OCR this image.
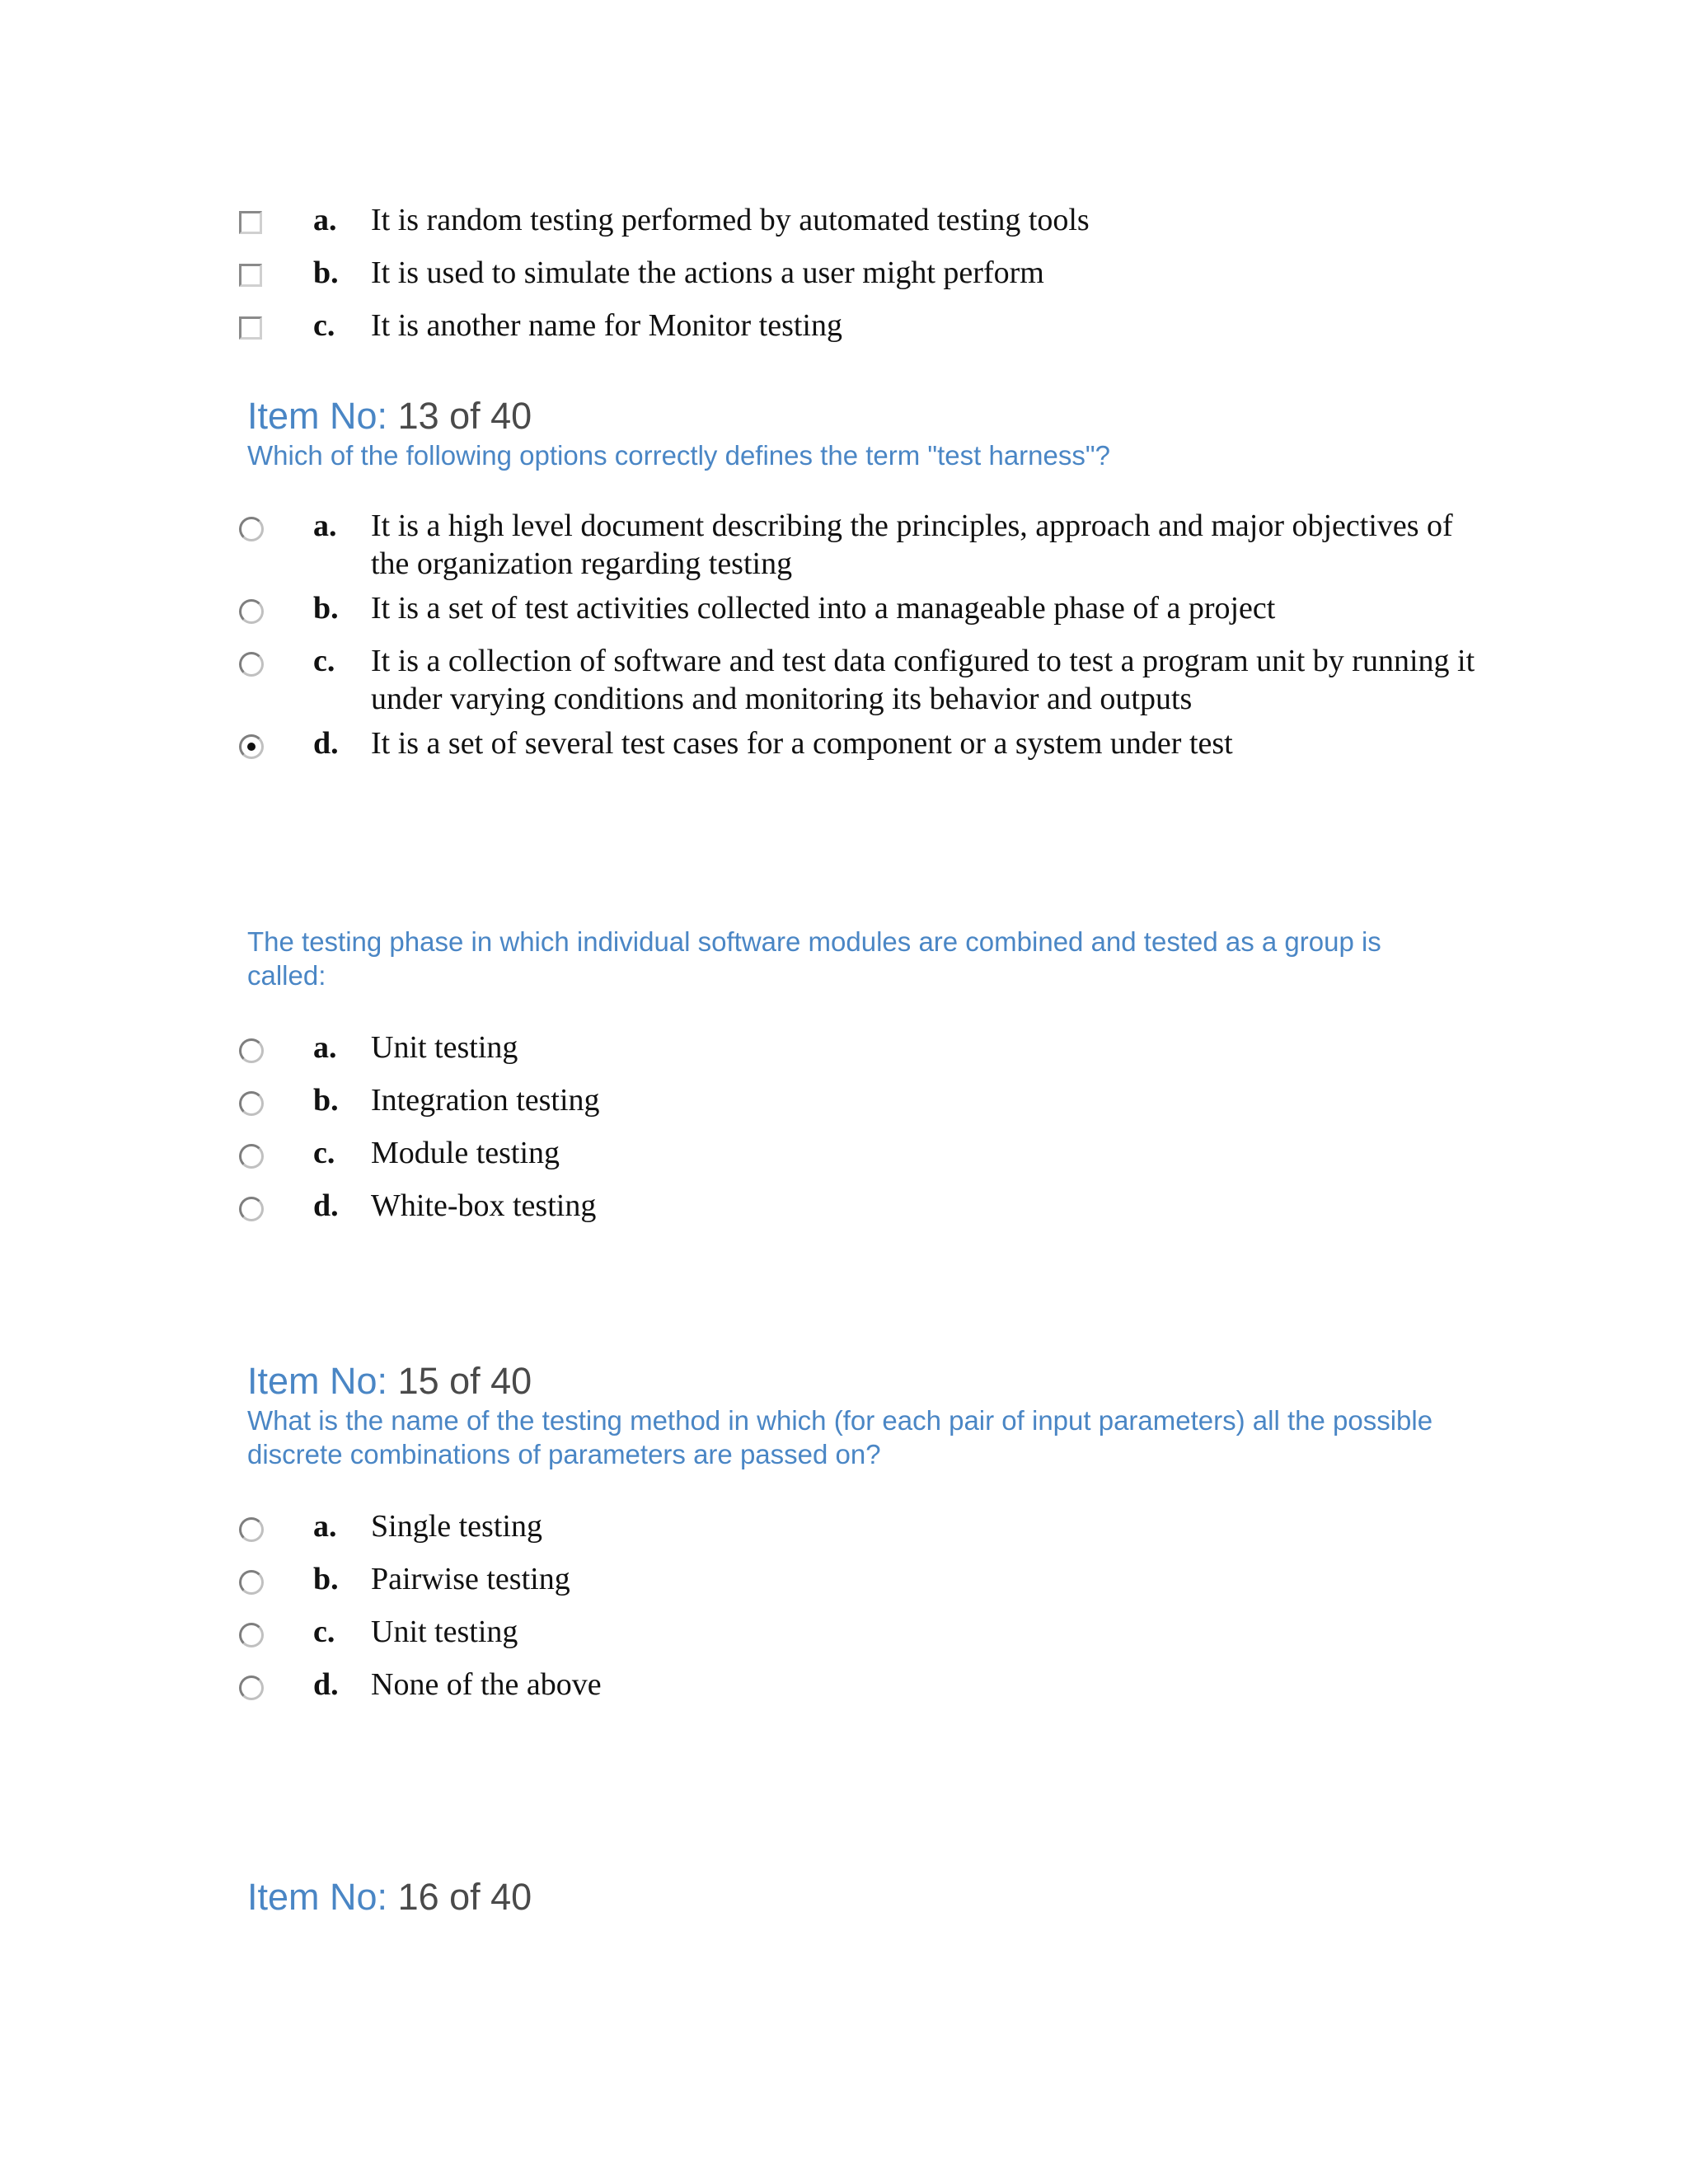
a. It is random testing performed by automated testing tools
b. It is used to simulate the actions a user might perform
c. It is another name for Monitor testing
Item No: 13 of 40
Which of the following options correctly defines the term "test harness"?
a. It is a high level document describing the principles, approach and major objectives of the organization regarding testing
b. It is a set of test activities collected into a manageable phase of a project
c. It is a collection of software and test data configured to test a program unit by running it under varying conditions and monitoring its behavior and outputs
d. It is a set of several test cases for a component or a system under test
The testing phase in which individual software modules are combined and tested as a group is called:
a. Unit testing
b. Integration testing
c. Module testing
d. White-box testing
Item No: 15 of 40
What is the name of the testing method in which (for each pair of input parameters) all the possible discrete combinations of parameters are passed on?
a. Single testing
b. Pairwise testing
c. Unit testing
d. None of the above
Item No: 16 of 40
